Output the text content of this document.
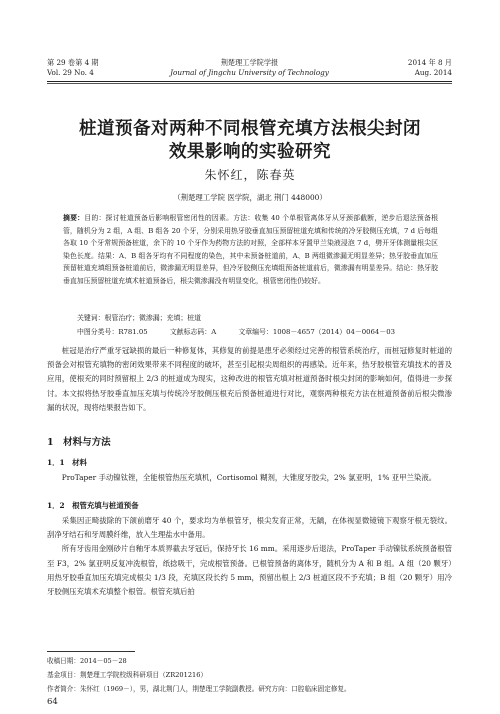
第 29 卷第 4 期
Vol. 29 No. 4
荆楚理工学院学报
Journal of Jingchu University of Technology
2014 年 8 月
Aug. 2014
桩道预备对两种不同根管充填方法根尖封闭
效果影响的实验研究
朱怀红，陈春英
（荆楚理工学院 医学院，湖北 荆门 448000）
摘要：目的：探讨桩道预备后影响根管密闭性的因素。方法：收集 40 个单根管离体牙从牙颈部截断，逆步后退法预备根管，随机分为 2 组，A 组、B 组各 20 个牙，分别采用热牙胶垂直加压预留桩道充填和传统的冷牙胶侧压充填，7 d 后每组各取 10 个牙常规预备桩道，余下的 10 个牙作为药物方法的对照，全部样本牙置甲兰染液浸泡 7 d，劈开牙体测量根尖区染色长度。结果：A、B 组各牙均有不同程度的染色，其中未预备桩道前，A、B 两组微渗漏无明显差异；热牙胶垂直加压预留桩道充填组预备桩道前后，微渗漏无明显差异，但冷牙胶侧压充填组预备桩道前后，微渗漏有明显差异。结论：热牙胶垂直加压预留桩道充填术桩道预备后，根尖微渗漏没有明显变化，根管密闭性仍较好。
关键词：根管治疗；微渗漏；充填；桩道
中图分类号：R781.05	文献标志码：A	文章编号：1008－4657（2014）04－0064－03

桩冠是治疗严重牙冠缺损的最后一种修复体，其修复的前提是患牙必须经过完善的根管系统治疗，而桩冠修复时桩道的预备会对根管充填物的密闭效果带来不同程度的破坏，甚至引起根尖周组织的再感染。近年来，热牙胶根管充填技术的普及应用，使根充的同时预留根上 2/3 的桩道成为现实，这种改进的根管充填对桩道预备时根尖封闭的影响如何，值得进一步探讨。本文拟将热牙胶垂直加压充填与传统冷牙胶侧压根充后预备桩道进行对比，观察两种根充方法在桩道预备前后根尖微渗漏的状况，现将结果报告如下。

1　材料与方法
1．1　材料

ProTaper 手动镍钛锉，全能根管热压充填机，Cortisomol 糊剂，大锥度牙胶尖，2% 氯亚明，1% 亚甲兰染液。

1．2　根管充填与桩道预备

采集因正畸拔除的下颌前磨牙 40 个，要求均为单根管牙，根尖发育正常，无龋，在体视显微镜镜下观察牙根无裂纹。刮净牙结石和牙周膜纤维，放入生理盐水中备用。

所有牙齿用金刚砂片自釉牙本质界截去牙冠后，保持牙长 16 mm。采用逐步后退法，ProTaper 手动镍钛系统预备根管至 F3，2% 氯亚明反复冲洗根管，纸捻吸干，完成根管预备。已根管预备的离体牙，随机分为 A 和 B 组。A 组（20 颗牙）用热牙胶垂直加压充填完成根尖 1/3 段，充填区段长约 5 mm，预留出根上 2/3 桩道区段不予充填；B 组（20 颗牙）用冷牙胶侧压充填术充填整个根管。根管充填后拍

收稿日期：2014－05－28
基金项目：荆楚理工学院校级科研项目（ZR201216）
作者简介：朱怀红（1969－），男，湖北荆门人，荆楚理工学院副教授。研究方向：口腔临床固定修复。
64
